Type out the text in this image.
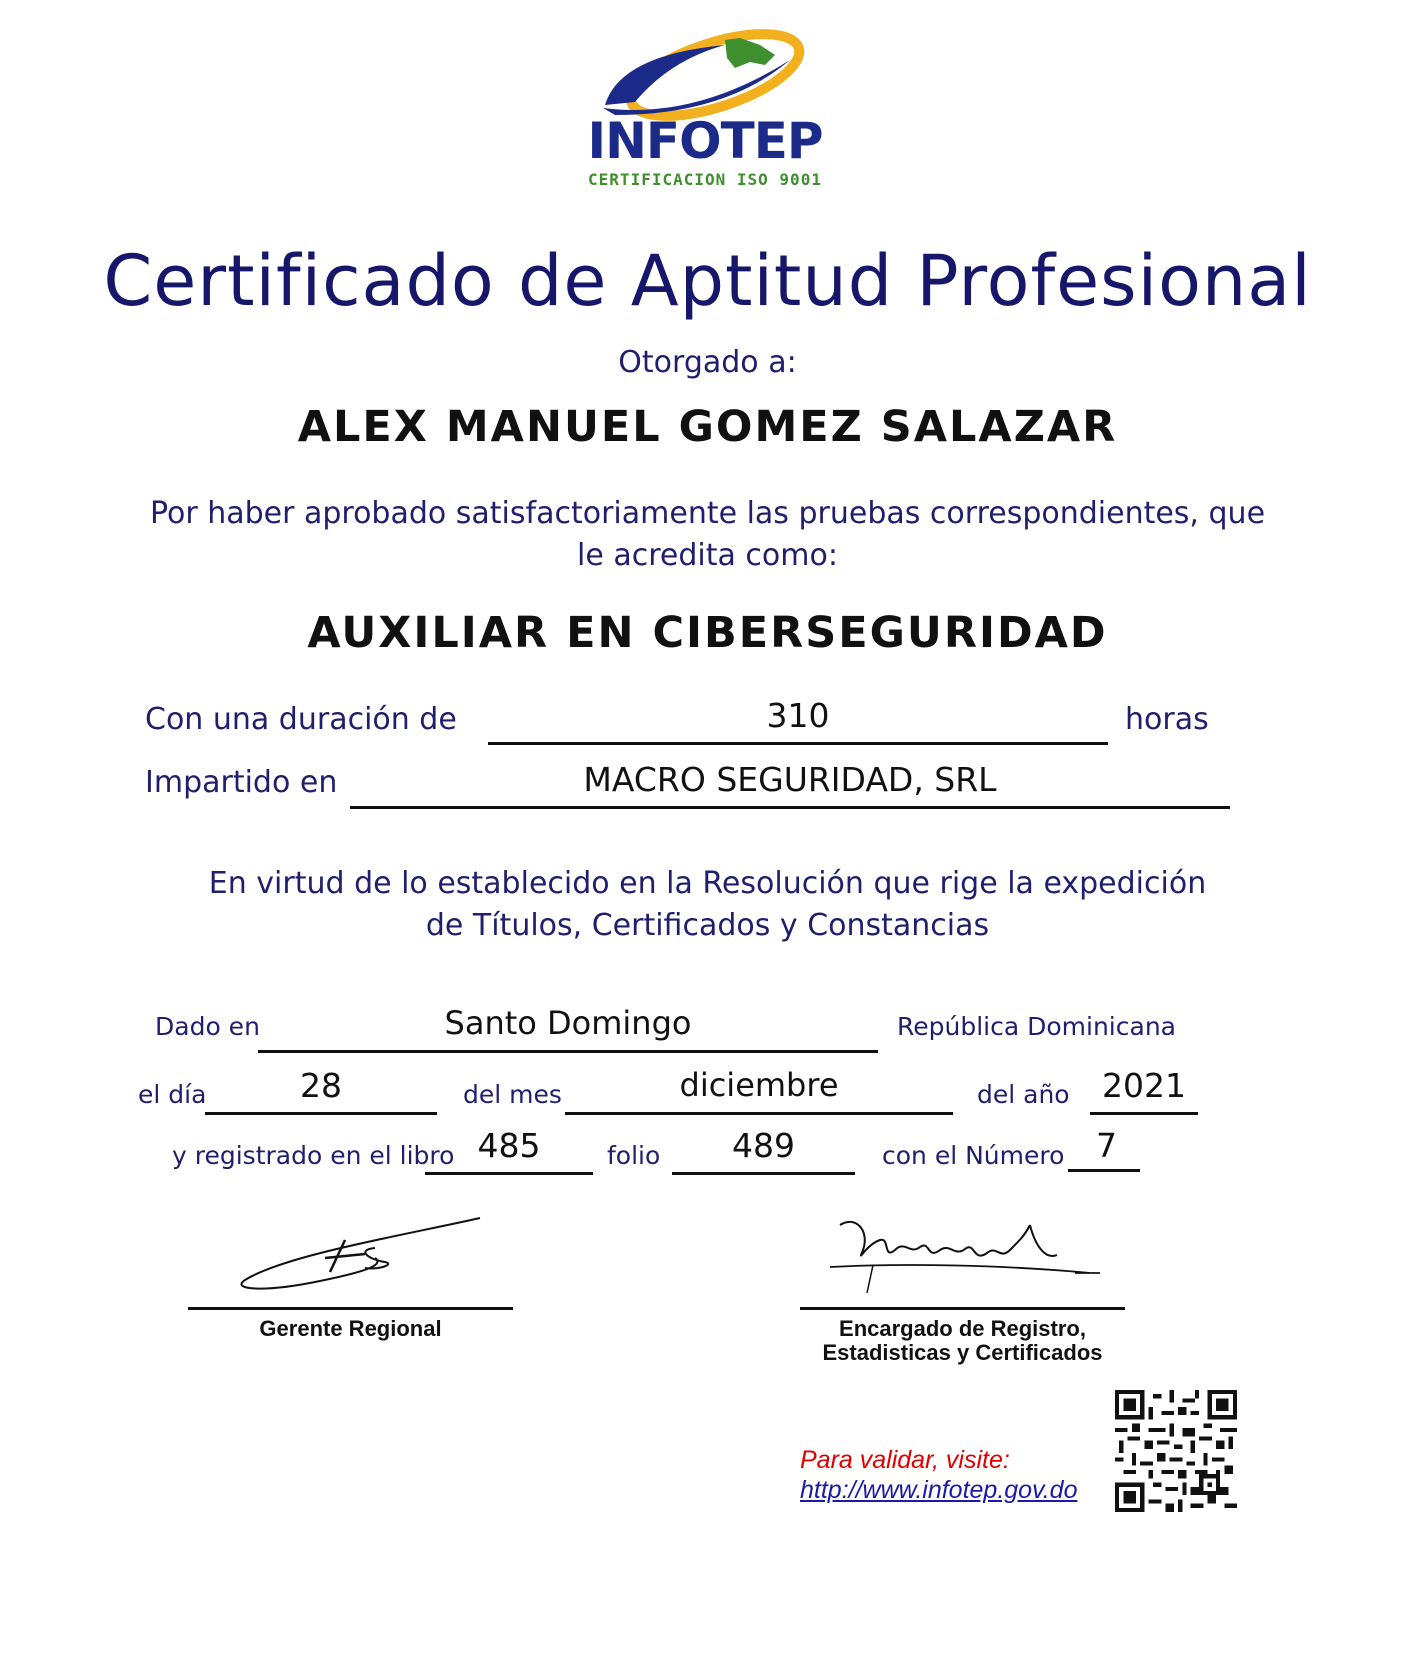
INFOTEP
CERTIFICACION ISO 9001
Certificado de Aptitud Profesional
Otorgado a:
ALEX MANUEL GOMEZ SALAZAR
Por haber aprobado satisfactoriamente las pruebas correspondientes, que
le acredita como:
AUXILIAR EN CIBERSEGURIDAD
Con una duración de	310	horas
Impartido en	MACRO SEGURIDAD, SRL
En virtud de lo establecido en la Resolución que rige la expedición
de Títulos, Certificados y Constancias
Dado en	Santo Domingo	República Dominicana
el día	28	del mes	diciembre	del año 2021
y registrado en el libro 485	folio	489	con el Número 7
Gerente Regional	Encargado de Registro,
Estadisticas y Certificados
Para validar, visite:
http://www.infotep.gov.do
